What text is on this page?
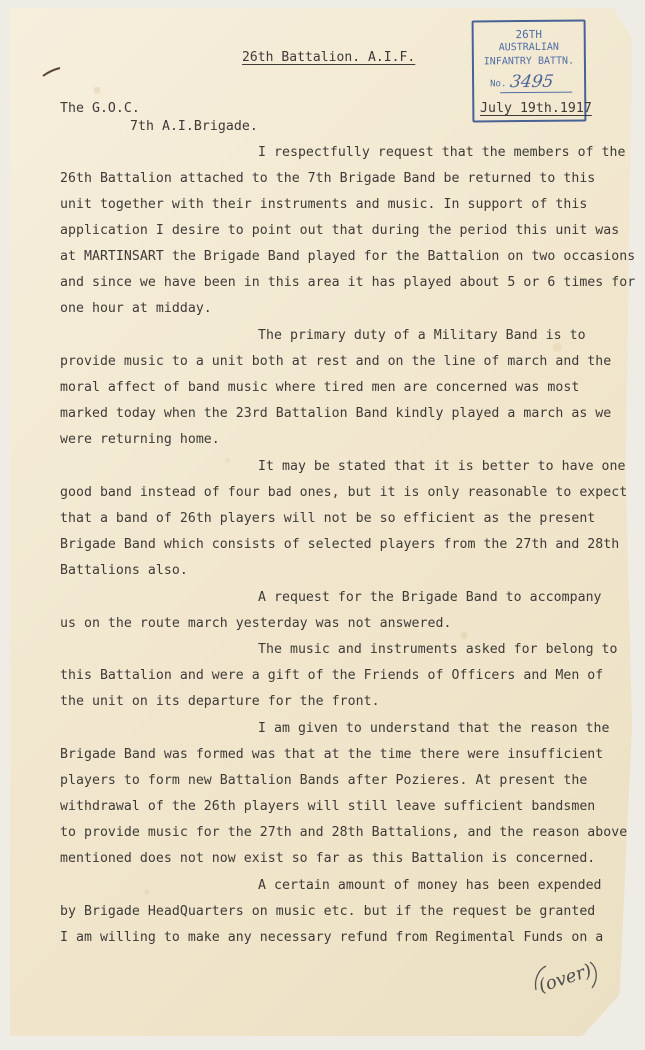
26th Battalion. A.I.F.
26TH
AUSTRALIAN
INFANTRY BATTN.
No. 3495
The G.O.C.
7th A.I.Brigade.
July 19th.1917
I respectfully request that the members of the
26th Battalion attached to the 7th Brigade Band be returned to this
unit together with their instruments and music. In support of this
application I desire to point out that during the period this unit was
at MARTINSART the Brigade Band played for the Battalion on two occasions
and since we have been in this area it has played about 5 or 6 times for
one hour at midday.
The primary duty of a Military Band is to
provide music to a unit both at rest and on the line of march and the
moral affect of band music where tired men are concerned was most
marked today when the 23rd Battalion Band kindly played a march as we
were returning home.
It may be stated that it is better to have one
good band instead of four bad ones, but it is only reasonable to expect
that a band of 26th players will not be so efficient as the present
Brigade Band which consists of selected players from the 27th and 28th
Battalions also.
A request for the Brigade Band to accompany
us on the route march yesterday was not answered.
The music and instruments asked for belong to
this Battalion and were a gift of the Friends of Officers and Men of
the unit on its departure for the front.
I am given to understand that the reason the
Brigade Band was formed was that at the time there were insufficient
players to form new Battalion Bands after Pozieres. At present the
withdrawal of the 26th players will still leave sufficient bandsmen
to provide music for the 27th and 28th Battalions, and the reason above
mentioned does not now exist so far as this Battalion is concerned.
A certain amount of money has been expended
by Brigade HeadQuarters on music etc. but if the request be granted
I am willing to make any necessary refund from Regimental Funds on a
(over)
